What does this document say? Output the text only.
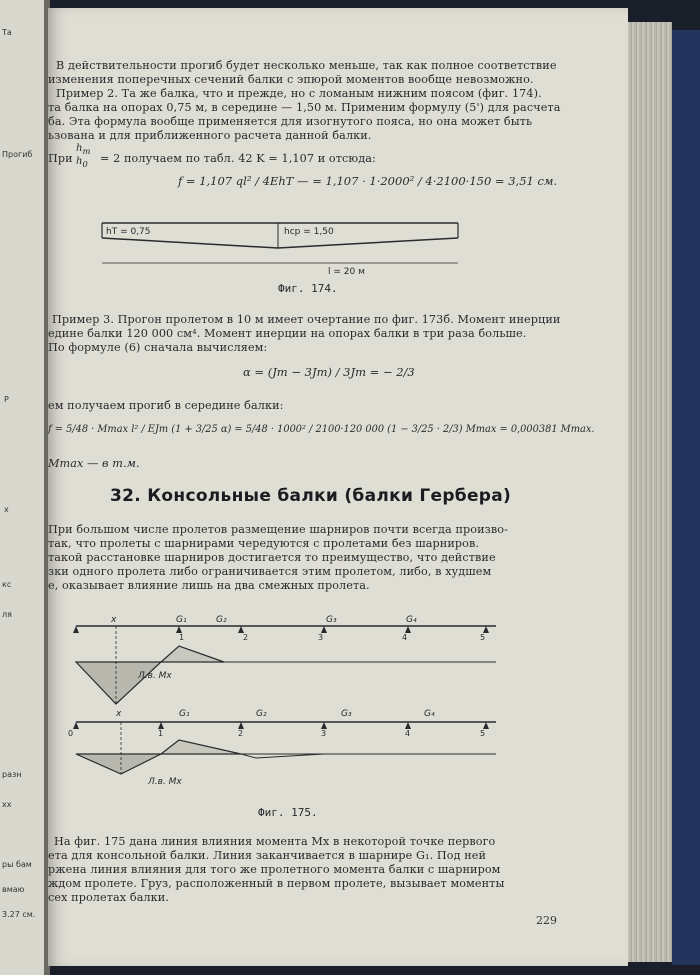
Та
Прогиб
P
x
кс
ля
разн
хх
ры бам
вмаю
3.27 см.
В действительности прогиб будет несколько меньше, так как полное соответствие
изменения поперечных сечений балки с эпюрой моментов вообще невозможно.
Пример 2. Та же балка, что и прежде, но с ломаным нижним поясом (фиг. 174).
та балка на опорах 0,75 м, в середине — 1,50 м. Применим формулу (5') для расчета
ба. Эта формула вообще применяется для изогнутого пояса, но она может быть
ьзована и для приближенного расчета данной балки.
При
$h_m$
$h_0 = 2$ получаем по табл. 42 K = 1,107 и отсюда:
f = 1,107 ql² / 4EhT — = 1,107 · 1·2000² / 4·2100·150 = 3,51 см.
hT = 0,75	hcp = 1,50
l = 20 м
Фиг. 174.
Пример 3. Прогон пролетом в 10 м имеет очертание по фиг. 173б. Момент инерции
едине балки 120 000 см⁴. Момент инерции на опорах балки в три раза больше.
По формуле (6) сначала вычисляем:
α = (Jm − 3Jm) / 3Jm = − 2/3
ем получаем прогиб в середине балки:
f = 5/48 · Mmax l² / EJm (1 + 3/25 α) = 5/48 · 1000² / 2100·120 000 (1 − 3/25 · 2/3) Mmax = 0,000381 Mmax.
Mmax — в т.м.
32. Консольные балки (балки Гербера)
При большом числе пролетов размещение шарниров почти всегда произво-
так, что пролеты с шарнирами чередуются с пролетами без шарниров.
такой расстановке шарниров достигается то преимущество, что действие
зки одного пролета либо ограничивается этим пролетом, либо, в худшем
е, оказывает влияние лишь на два смежных пролета.
x	G₁	G₂	G₃	G₄
1	2	3	4	5
Л.в. Mx
x	G₁	G₂	G₃	G₄
0	1	2	3	4	5
Л.в. Mx
Фиг. 175.
На фиг. 175 дана линия влияния момента Mx в некоторой точке первого
ета для консольной балки. Линия заканчивается в шарнире G₁. Под ней
ржена линия влияния для того же пролетного момента балки с шарниром
ждом пролете. Груз, расположенный в первом пролете, вызывает моменты
сех пролетах балки.
229
